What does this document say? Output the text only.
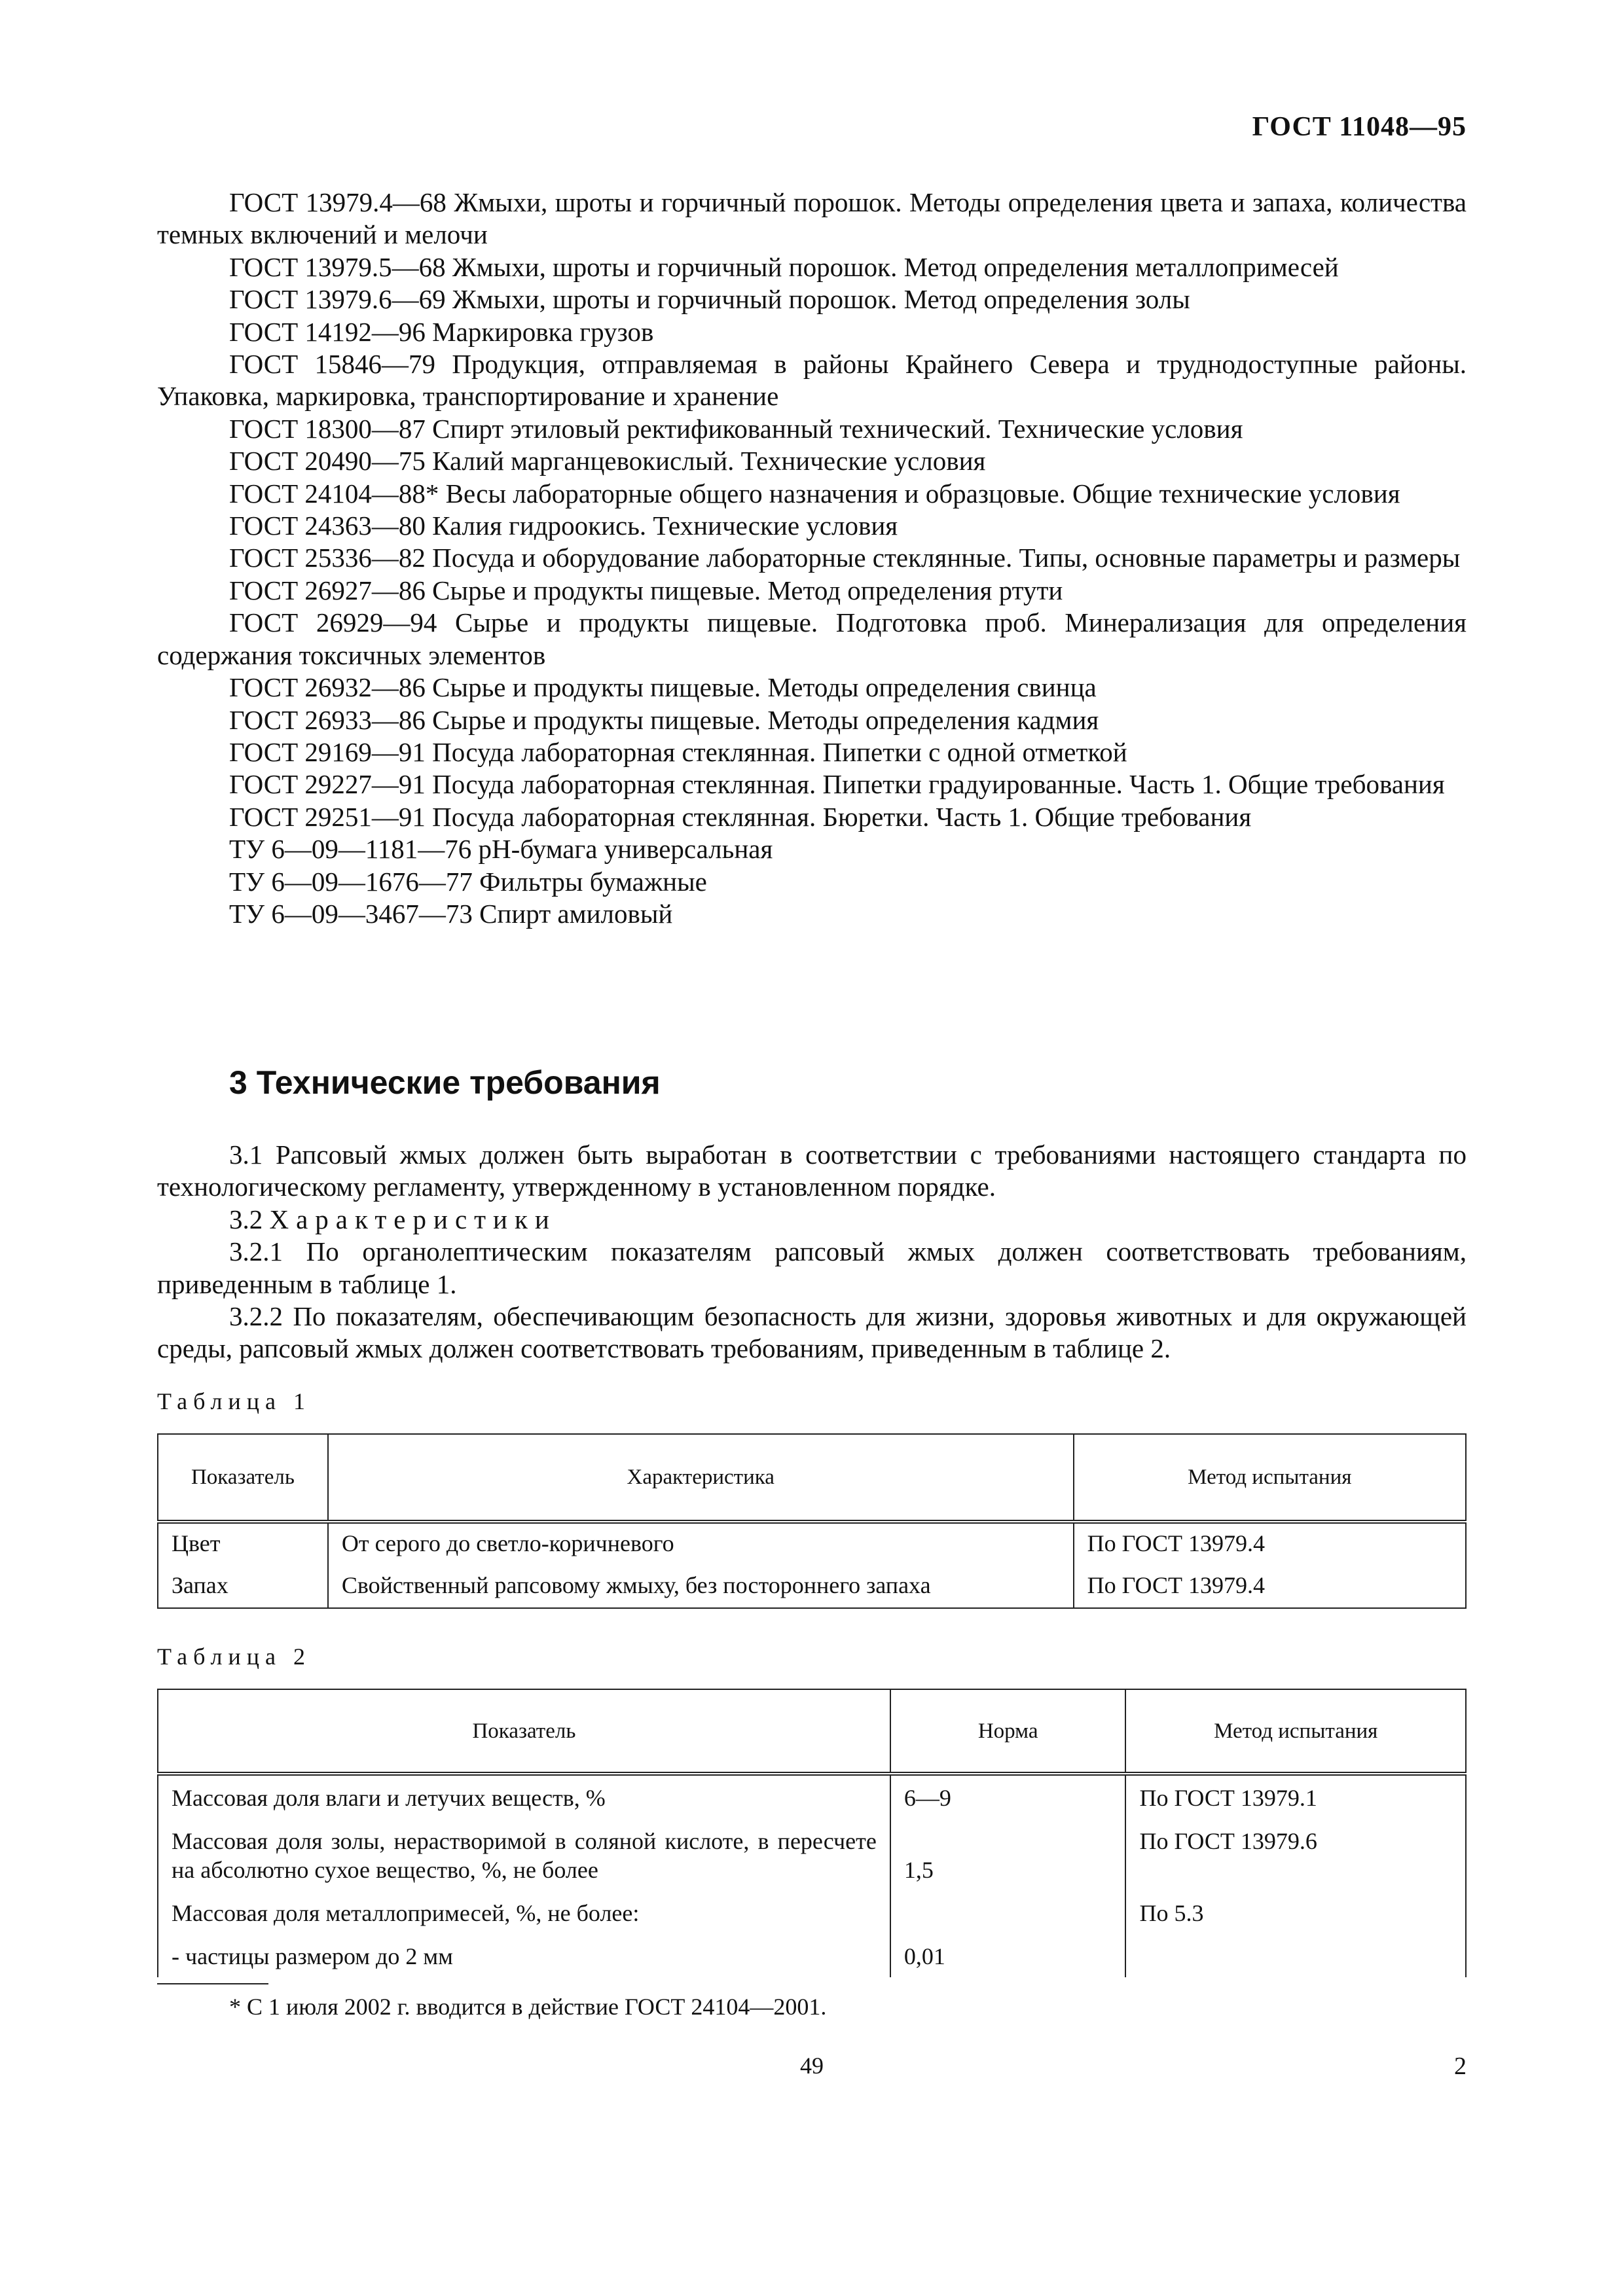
ГОСТ 11048—95
ГОСТ 13979.4—68 Жмыхи, шроты и горчичный порошок. Методы определения цвета и запаха, количества темных включений и мелочи
ГОСТ 13979.5—68 Жмыхи, шроты и горчичный порошок. Метод определения металлопримесей
ГОСТ 13979.6—69 Жмыхи, шроты и горчичный порошок. Метод определения золы
ГОСТ 14192—96 Маркировка грузов
ГОСТ 15846—79 Продукция, отправляемая в районы Крайнего Севера и труднодоступные районы. Упаковка, маркировка, транспортирование и хранение
ГОСТ 18300—87 Спирт этиловый ректификованный технический. Технические условия
ГОСТ 20490—75 Калий марганцевокислый. Технические условия
ГОСТ 24104—88* Весы лабораторные общего назначения и образцовые. Общие технические условия
ГОСТ 24363—80 Калия гидроокись. Технические условия
ГОСТ 25336—82 Посуда и оборудование лабораторные стеклянные. Типы, основные параметры и размеры
ГОСТ 26927—86 Сырье и продукты пищевые. Метод определения ртути
ГОСТ 26929—94 Сырье и продукты пищевые. Подготовка проб. Минерализация для определения содержания токсичных элементов
ГОСТ 26932—86 Сырье и продукты пищевые. Методы определения свинца
ГОСТ 26933—86 Сырье и продукты пищевые. Методы определения кадмия
ГОСТ 29169—91 Посуда лабораторная стеклянная. Пипетки с одной отметкой
ГОСТ 29227—91 Посуда лабораторная стеклянная. Пипетки градуированные. Часть 1. Общие требования
ГОСТ 29251—91 Посуда лабораторная стеклянная. Бюретки. Часть 1. Общие требования
ТУ 6—09—1181—76 рН-бумага универсальная
ТУ 6—09—1676—77 Фильтры бумажные
ТУ 6—09—3467—73 Спирт амиловый
3 Технические требования
3.1 Рапсовый жмых должен быть выработан в соответствии с требованиями настоящего стандарта по технологическому регламенту, утвержденному в установленном порядке.
3.2 Характеристики
3.2.1 По органолептическим показателям рапсовый жмых должен соответствовать требованиям, приведенным в таблице 1.
3.2.2 По показателям, обеспечивающим безопасность для жизни, здоровья животных и для окружающей среды, рапсовый жмых должен соответствовать требованиям, приведенным в таблице 2.
Таблица 1
Показатель	Характеристика	Метод испытания
Цвет	От серого до светло-коричневого	По ГОСТ 13979.4
Запах	Свойственный рапсовому жмыху, без постороннего запаха	По ГОСТ 13979.4
Таблица 2
Показатель	Норма	Метод испытания
Массовая доля влаги и летучих веществ, %	6—9	По ГОСТ 13979.1
Массовая доля золы, нерастворимой в соляной кислоте, в пересчете на абсолютно сухое вещество, %, не более	1,5	По ГОСТ 13979.6
Массовая доля металлопримесей, %, не более:		По 5.3
- частицы размером до 2 мм	0,01	
* С 1 июля 2002 г. вводится в действие ГОСТ 24104—2001.
49	2
